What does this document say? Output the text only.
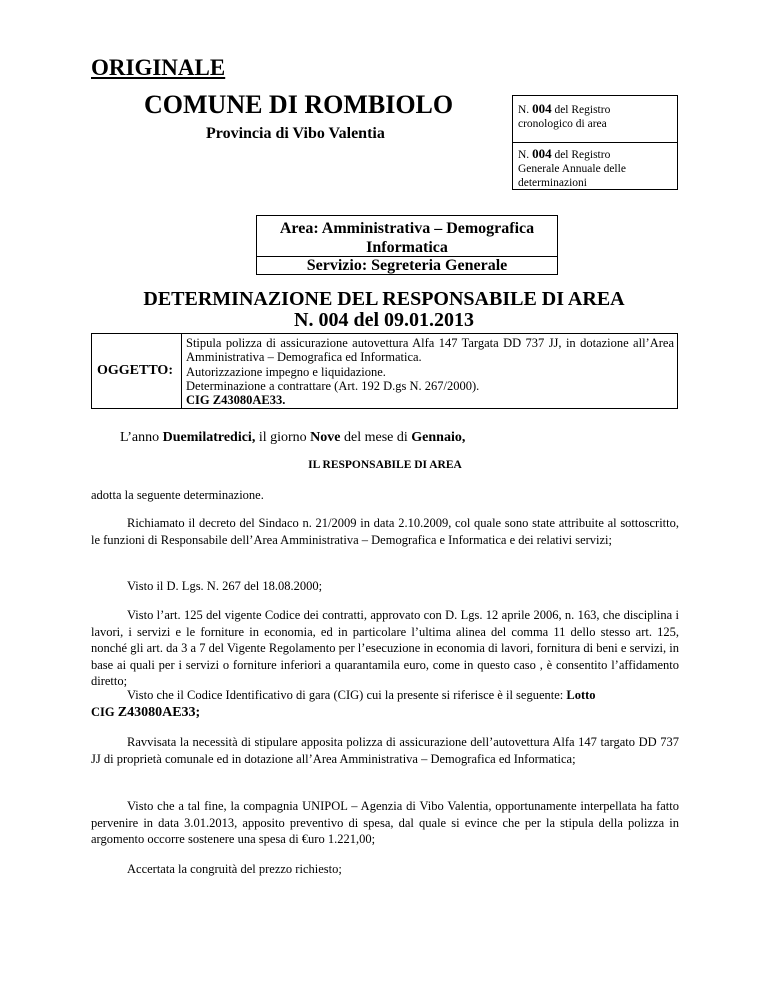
ORIGINALE
COMUNE DI ROMBIOLO
Provincia di Vibo Valentia
N. 004 del Registro
cronologico di area
N. 004 del Registro
Generale Annuale delle
determinazioni
Area: Amministrativa – Demografica
Informatica
Servizio: Segreteria Generale
DETERMINAZIONE DEL RESPONSABILE DI AREA
N. 004 del 09.01.2013
OGGETTO:
Stipula polizza di assicurazione autovettura Alfa 147 Targata DD 737 JJ, in dotazione all’Area Amministrativa – Demografica ed Informatica.
Autorizzazione impegno e liquidazione.
Determinazione a contrattare (Art. 192 D.gs N. 267/2000).
CIG Z43080AE33.
L’anno Duemilatredici, il giorno Nove del mese di Gennaio,
IL RESPONSABILE DI AREA
adotta la seguente determinazione.
Richiamato il decreto del Sindaco n. 21/2009 in data 2.10.2009, col quale sono state attribuite al sottoscritto, le funzioni di Responsabile dell’Area Amministrativa – Demografica e Informatica e dei relativi servizi;
Visto il D. Lgs. N. 267 del 18.08.2000;
Visto l’art. 125 del vigente Codice dei contratti, approvato con D. Lgs. 12 aprile 2006, n. 163, che disciplina i lavori, i servizi e le forniture in economia, ed in particolare l’ultima alinea del comma 11 dello stesso art. 125, nonché gli art. da 3 a 7 del Vigente Regolamento per l’esecuzione in economia di lavori, fornitura di beni e servizi, in base ai quali per i servizi o forniture inferiori a quarantamila euro, come in questo caso , è consentito l’affidamento diretto;
Visto che il Codice Identificativo di gara (CIG) cui la presente si riferisce è il seguente: Lotto
CIG Z43080AE33;
Ravvisata la necessità di stipulare apposita polizza di assicurazione dell’autovettura Alfa 147 targato DD 737 JJ di proprietà comunale ed in dotazione all’Area Amministrativa – Demografica ed Informatica;
Visto che a tal fine, la compagnia UNIPOL – Agenzia di Vibo Valentia, opportunamente interpellata ha fatto pervenire in data 3.01.2013, apposito preventivo di spesa, dal quale si evince che per la stipula della polizza in argomento occorre sostenere una spesa di €uro 1.221,00;
Accertata la congruità del prezzo richiesto;
